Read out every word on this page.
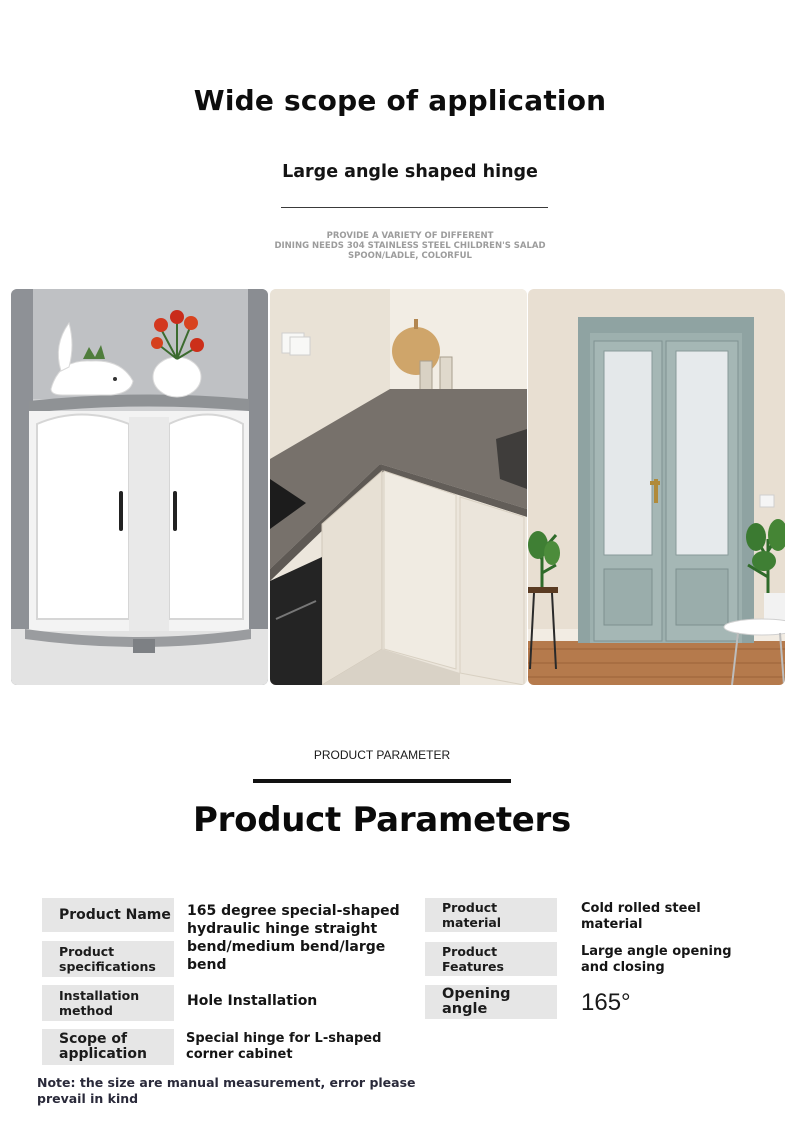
Wide scope of application
Large angle shaped hinge
PROVIDE A VARIETY OF DIFFERENT
DINING NEEDS 304 STAINLESS STEEL CHILDREN'S SALAD
SPOON/LADLE, COLORFUL
PRODUCT PARAMETER
Product Parameters
Product Name
Product specifications
Installation method
Scope of application
165 degree special-shaped hydraulic hinge straight bend/medium bend/large bend
Hole Installation
Special hinge for L-shaped corner cabinet
Product material
Product Features
Opening angle
Cold rolled steel material
Large angle opening and closing
165°
Note: the size are manual measurement, error please prevail in kind
